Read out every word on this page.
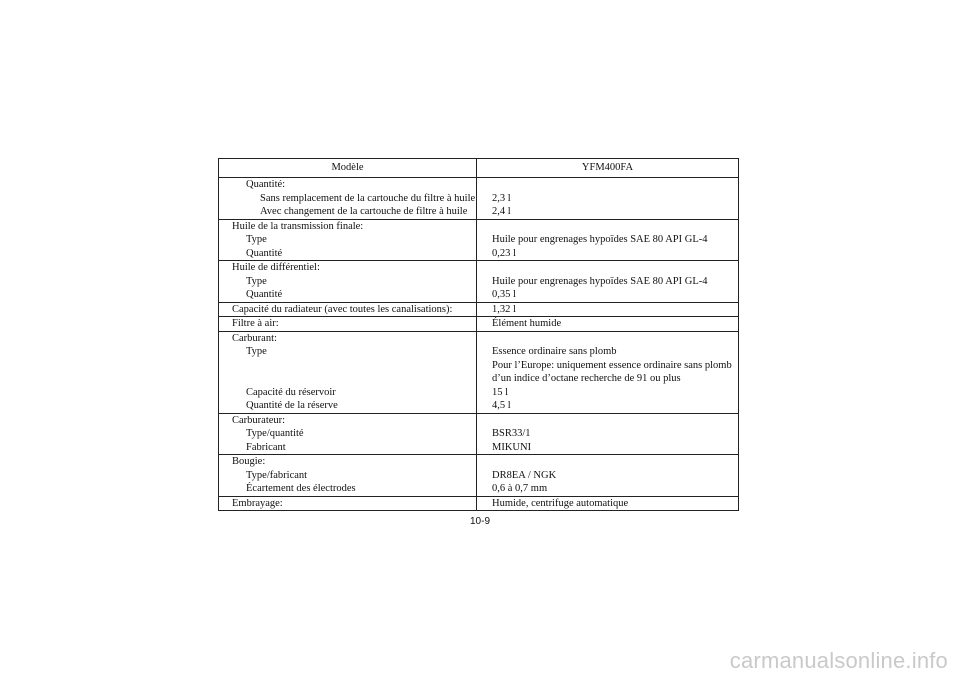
Modèle	YFM400FA
Quantité:	
Sans remplacement de la cartouche du filtre à huile	2,3 l
Avec changement de la cartouche de filtre à huile	2,4 l
Huile de la transmission finale:	
Type	Huile pour engrenages hypoïdes SAE 80 API GL-4
Quantité	0,23 l
Huile de différentiel:	
Type	Huile pour engrenages hypoïdes SAE 80 API GL-4
Quantité	0,35 l
Capacité du radiateur (avec toutes les canalisations):	1,32 l
Filtre à air:	Élément humide
Carburant:	
Type	Essence ordinaire sans plomb
	Pour l’Europe: uniquement essence ordinaire sans plomb
	d’un indice d’octane recherche de 91 ou plus
Capacité du réservoir	15 l
Quantité de la réserve	4,5 l
Carburateur:	
Type/quantité	BSR33/1
Fabricant	MIKUNI
Bougie:	
Type/fabricant	DR8EA / NGK
Écartement des électrodes	0,6 à 0,7 mm
Embrayage:	Humide, centrifuge automatique
10-9
carmanualsonline.info
